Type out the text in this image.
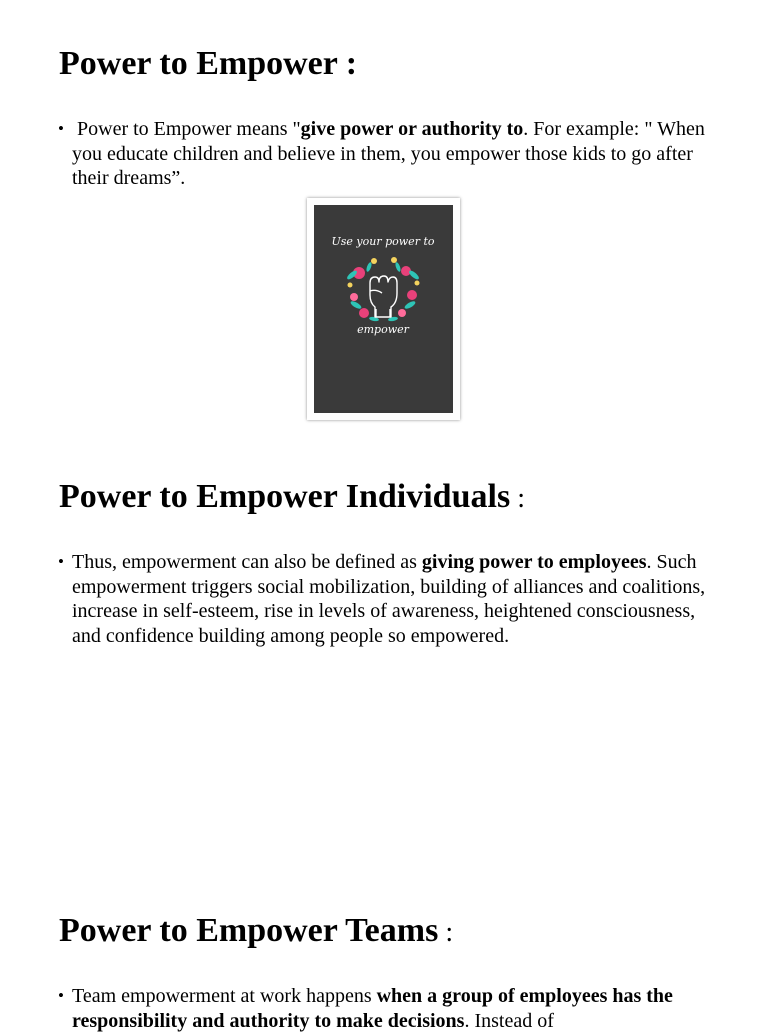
Power to Empower :
• Power to Empower means "give power or authority to. For example: " When you educate children and believe in them, you empower those kids to go after their dreams”.

Use your power to
empower
Power to Empower Individuals :
• Thus, empowerment can also be defined as giving power to employees. Such empowerment triggers social mobilization, building of alliances and coalitions, increase in self-esteem, rise in levels of awareness, heightened consciousness, and confidence building among people so empowered.

Power to Empower Teams :
• Team empowerment at work happens when a group of employees has the responsibility and authority to make decisions. Instead of
